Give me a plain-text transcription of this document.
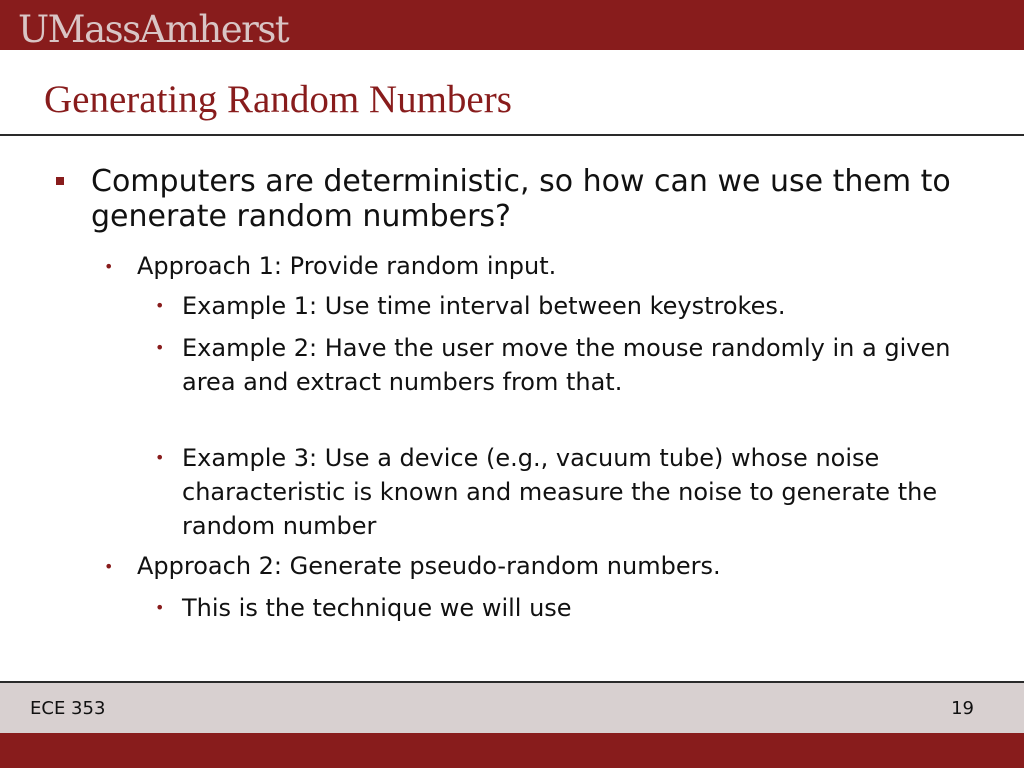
UMassAmherst
Generating Random Numbers
Computers are deterministic, so how can we use them to generate random numbers?
• Approach 1: Provide random input.
• Example 1: Use time interval between keystrokes.
• Example 2: Have the user move the mouse randomly in a given area and extract numbers from that.
• Example 3: Use a device (e.g., vacuum tube) whose noise characteristic is known and measure the noise to generate the random number
• Approach 2: Generate pseudo-random numbers.
• This is the technique we will use
ECE 353	19
